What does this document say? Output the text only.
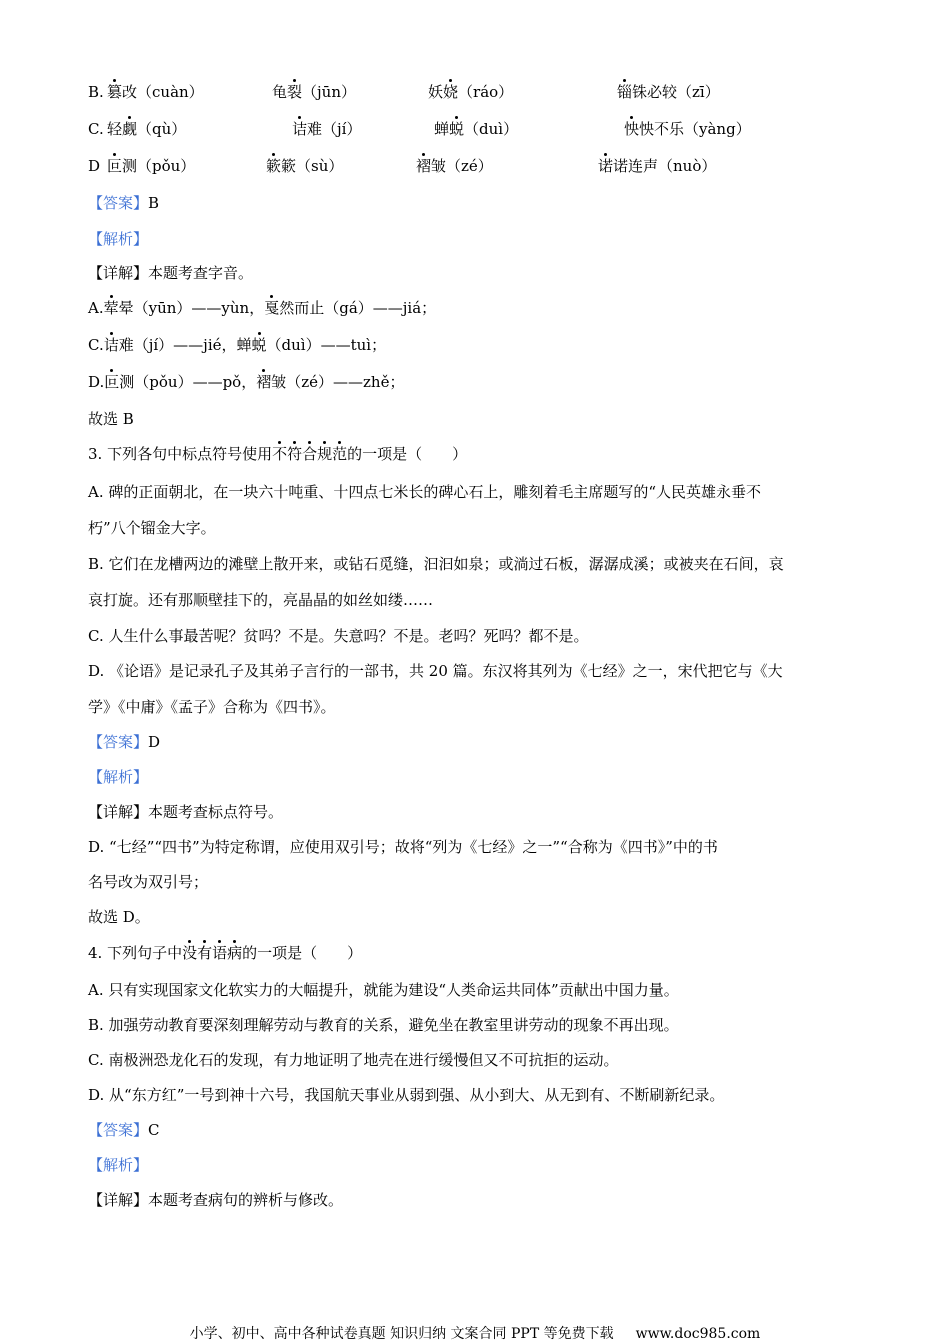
B. 篡改（cuàn）	龟裂（jūn）	妖娆（ráo）	锱铢必较（zī）
C. 轻觑（qù）	诘难（jí）	蝉蜕（duì）	怏怏不乐（yàng）
D 叵测（pǒu）	簌簌（sù）	褶皱（zé）	诺诺连声（nuò）
【答案】B
【解析】
【详解】本题考查字音。
A.荤晕（yūn）——yùn，戛然而止（gá）——jiá；
C.诘难（jí）——jié，蝉蜕（duì）——tuì；
D.叵测（pǒu）——pǒ，褶皱（zé）——zhě；
故选 B
3. 下列各句中标点符号使用不符合规范的一项是（　　）
A. 碑的正面朝北，在一块六十吨重、十四点七米长的碑心石上，雕刻着毛主席题写的“人民英雄永垂不
朽”八个镏金大字。
B. 它们在龙槽两边的滩壁上散开来，或钻石觅缝，汩汩如泉；或淌过石板，潺潺成溪；或被夹在石间，哀
哀打旋。还有那顺壁挂下的，亮晶晶的如丝如缕……
C. 人生什么事最苦呢？贫吗？不是。失意吗？不是。老吗？死吗？都不是。
D. 《论语》是记录孔子及其弟子言行的一部书，共 20 篇。东汉将其列为《七经》之一，宋代把它与《大
学》《中庸》《孟子》合称为《四书》。
【答案】D
【解析】
【详解】本题考查标点符号。
D. “七经”“四书”为特定称谓，应使用双引号；故将“列为《七经》之一”“合称为《四书》”中的书
名号改为双引号；
故选 D。
4. 下列句子中没有语病的一项是（　　）
A. 只有实现国家文化软实力的大幅提升，就能为建设“人类命运共同体”贡献出中国力量。
B. 加强劳动教育要深刻理解劳动与教育的关系，避免坐在教室里讲劳动的现象不再出现。
C. 南极洲恐龙化石的发现，有力地证明了地壳在进行缓慢但又不可抗拒的运动。
D. 从“东方红”一号到神十六号，我国航天事业从弱到强、从小到大、从无到有、不断刷新纪录。
【答案】C
【解析】
【详解】本题考查病句的辨析与修改。
小学、初中、高中各种试卷真题 知识归纳 文案合同 PPT 等免费下载 www.doc985.com
